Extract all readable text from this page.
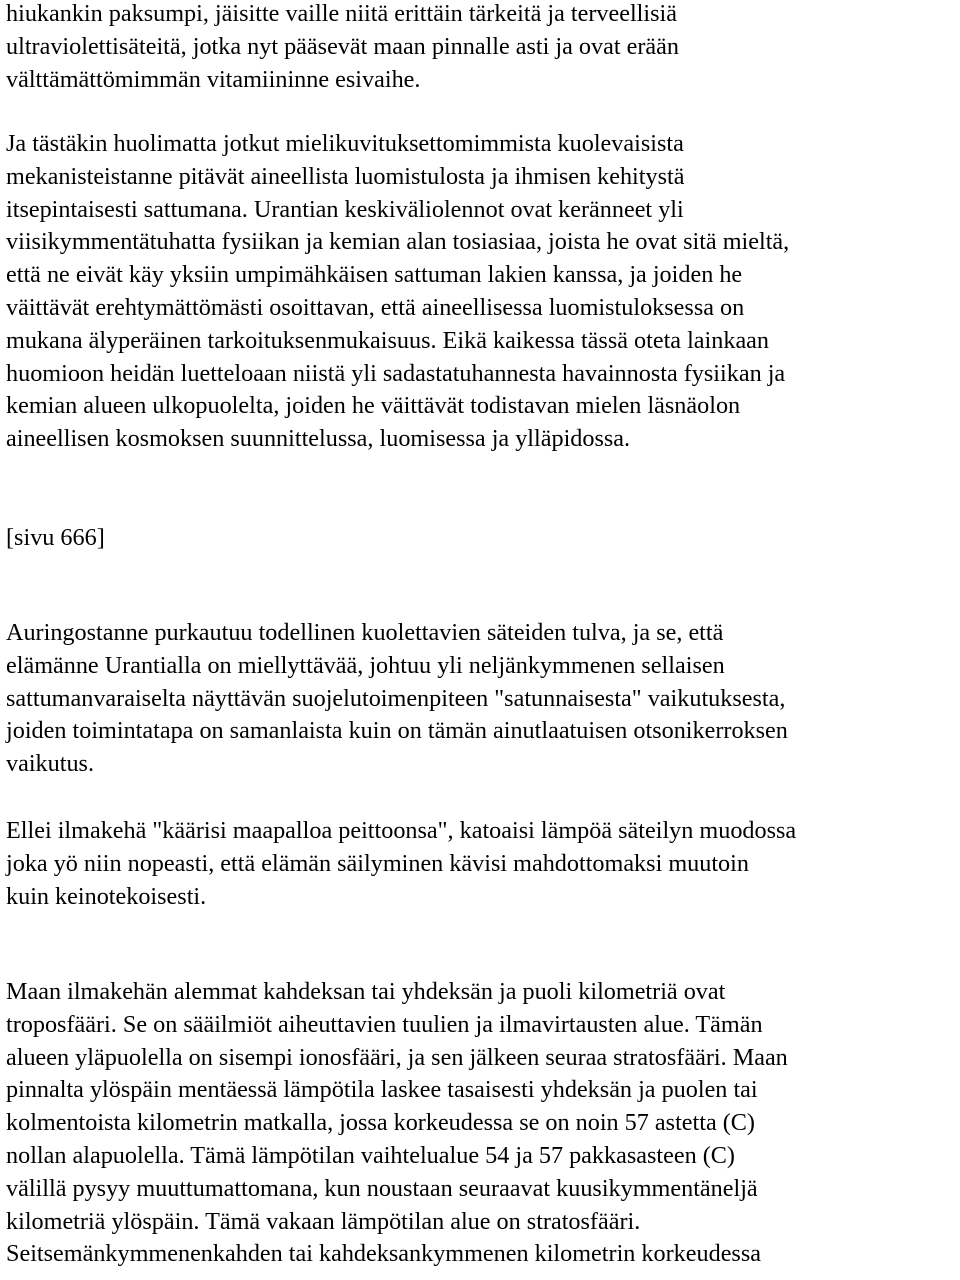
hiukankin paksumpi, jäisitte vaille niitä erittäin tärkeitä ja terveellisiä
ultraviolettisäteitä, jotka nyt pääsevät maan pinnalle asti ja ovat erään
välttämättömimmän vitamiininne esivaihe.
Ja tästäkin huolimatta jotkut mielikuvituksettomimmista kuolevaisista
mekanisteistanne pitävät aineellista luomistulosta ja ihmisen kehitystä
itsepintaisesti sattumana. Urantian keskiväliolennot ovat keränneet yli
viisikymmentätuhatta fysiikan ja kemian alan tosiasiaa, joista he ovat sitä mieltä,
että ne eivät käy yksiin umpimähkäisen sattuman lakien kanssa, ja joiden he
väittävät erehtymättömästi osoittavan, että aineellisessa luomistuloksessa on
mukana älyperäinen tarkoituksenmukaisuus. Eikä kaikessa tässä oteta lainkaan
huomioon heidän luetteloaan niistä yli sadastatuhannesta havainnosta fysiikan ja
kemian alueen ulkopuolelta, joiden he väittävät todistavan mielen läsnäolon
aineellisen kosmoksen suunnittelussa, luomisessa ja ylläpidossa.
[sivu 666]
Auringostanne purkautuu todellinen kuolettavien säteiden tulva, ja se, että
elämänne Urantialla on miellyttävää, johtuu yli neljänkymmenen sellaisen
sattumanvaraiselta näyttävän suojelutoimenpiteen "satunnaisesta" vaikutuksesta,
joiden toimintatapa on samanlaista kuin on tämän ainutlaatuisen otsonikerroksen
vaikutus.
Ellei ilmakehä "käärisi maapalloa peittoonsa", katoaisi lämpöä säteilyn muodossa
joka yö niin nopeasti, että elämän säilyminen kävisi mahdottomaksi muutoin
kuin keinotekoisesti.
Maan ilmakehän alemmat kahdeksan tai yhdeksän ja puoli kilometriä ovat
troposfääri. Se on sääilmiöt aiheuttavien tuulien ja ilmavirtausten alue. Tämän
alueen yläpuolella on sisempi ionosfääri, ja sen jälkeen seuraa stratosfääri. Maan
pinnalta ylöspäin mentäessä lämpötila laskee tasaisesti yhdeksän ja puolen tai
kolmentoista kilometrin matkalla, jossa korkeudessa se on noin 57 astetta (C)
nollan alapuolella. Tämä lämpötilan vaihtelualue 54 ja 57 pakkasasteen (C)
välillä pysyy muuttumattomana, kun noustaan seuraavat kuusikymmentäneljä
kilometriä ylöspäin. Tämä vakaan lämpötilan alue on stratosfääri.
Seitsemänkymmenenkahden tai kahdeksankymmenen kilometrin korkeudessa
